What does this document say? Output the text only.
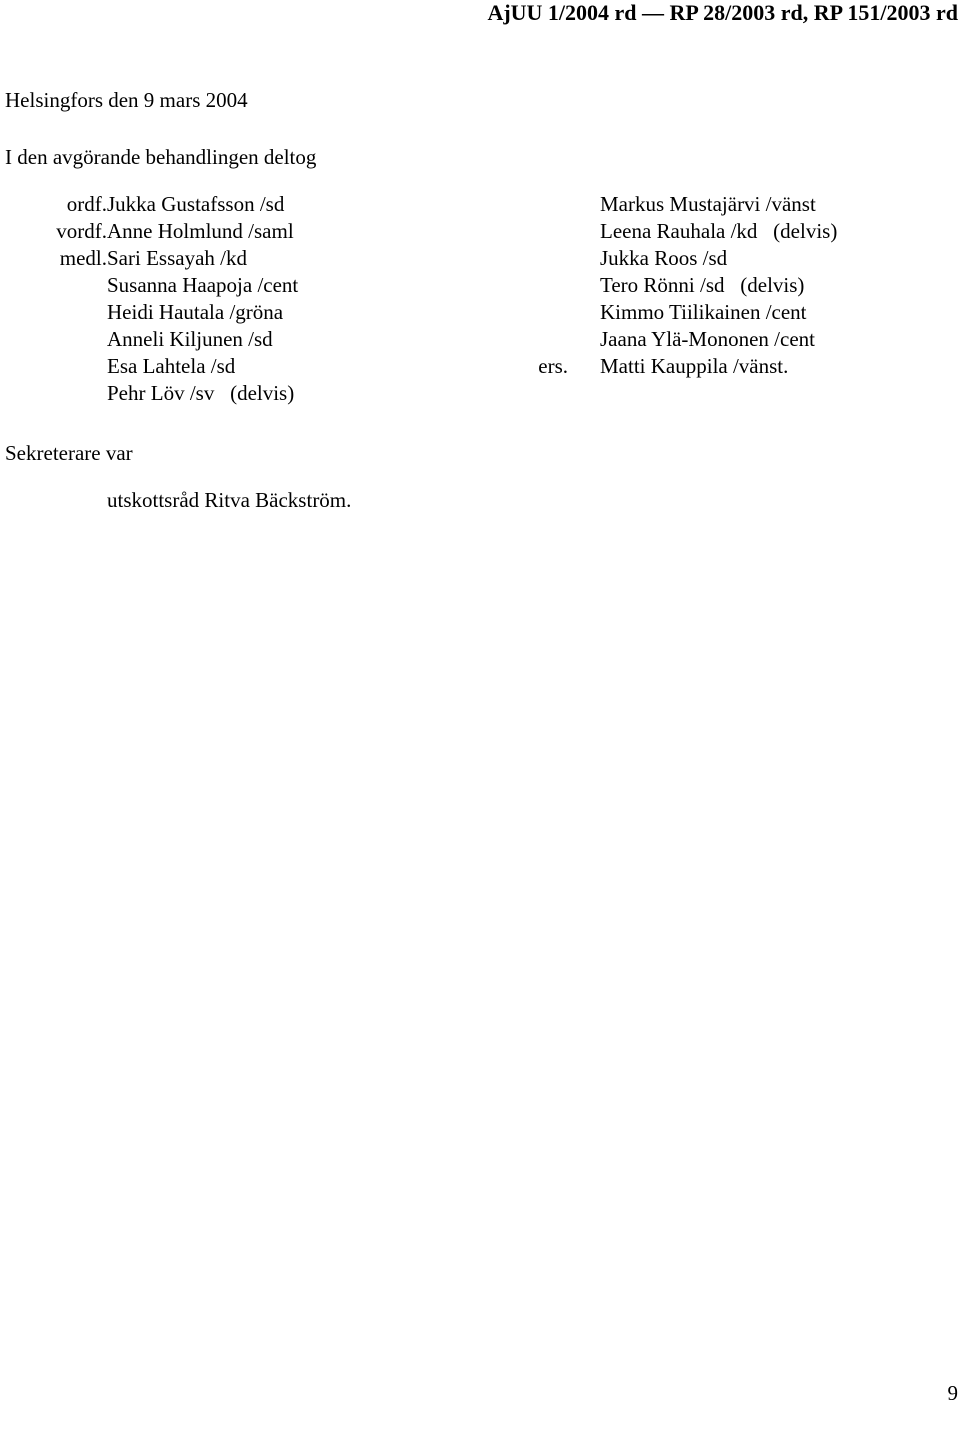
AjUU 1/2004 rd — RP 28/2003 rd, RP 151/2003 rd
Helsingfors den 9 mars 2004
I den avgörande behandlingen deltog
ordf. Jukka Gustafsson /sd	Markus Mustajärvi /vänst
vordf. Anne Holmlund /saml	Leena Rauhala /kd   (delvis)
medl. Sari Essayah /kd	Jukka Roos /sd
Susanna Haapoja /cent	Tero Rönni /sd   (delvis)
Heidi Hautala /gröna	Kimmo Tiilikainen /cent
Anneli Kiljunen /sd	Jaana Ylä-Mononen /cent
Esa Lahtela /sd	ers. Matti Kauppila /vänst.
Pehr Löv /sv   (delvis)
Sekreterare var
utskottsråd Ritva Bäckström.
9
